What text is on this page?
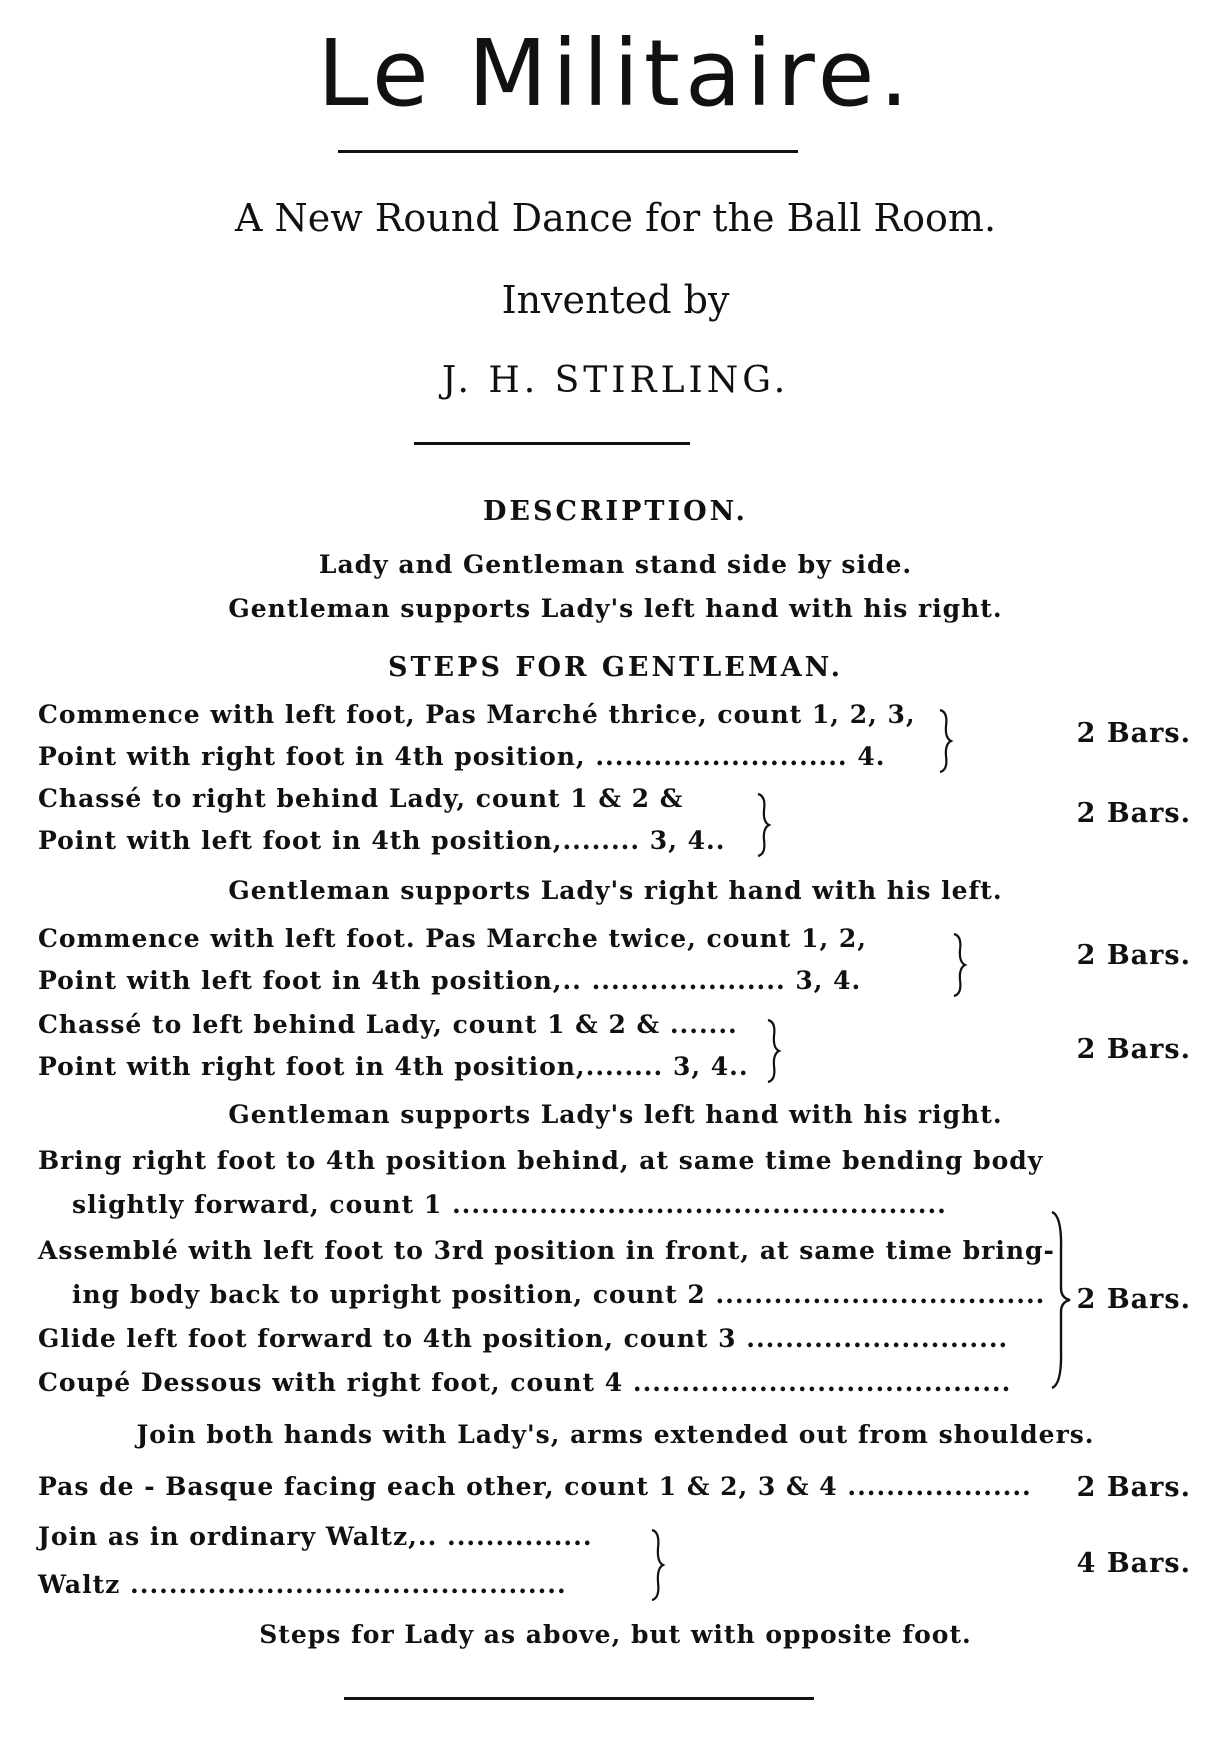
Le Militaire.
A New Round Dance for the Ball Room.
Invented by
J. H. STIRLING.
DESCRIPTION.
Lady and Gentleman stand side by side.
Gentleman supports Lady's left hand with his right.
STEPS FOR GENTLEMAN.
Commence with left foot, Pas Marché thrice, count 1, 2, 3,
Point with right foot in 4th position, .......................... 4.
2 Bars.
Chassé to right behind Lady, count 1 & 2 &
Point with left foot in 4th position,........ 3, 4..
2 Bars.
Gentleman supports Lady's right hand with his left.
Commence with left foot. Pas Marche twice, count 1, 2,
Point with left foot in 4th position,.. .................... 3, 4.
2 Bars.
Chassé to left behind Lady, count 1 & 2 & .......
Point with right foot in 4th position,........ 3, 4..
2 Bars.
Gentleman supports Lady's left hand with his right.
Bring right foot to 4th position behind, at same time bending body
slightly forward, count 1 ...................................................
Assemblé with left foot to 3rd position in front, at same time bring-
ing body back to upright position, count 2 ..................................
Glide left foot forward to 4th position, count 3 ...........................
Coupé Dessous with right foot, count 4 .......................................
2 Bars.
Join both hands with Lady's, arms extended out from shoulders.
Pas de - Basque facing each other, count 1 & 2, 3 & 4 ................... 2 Bars.
Join as in ordinary Waltz,.. ...............
Waltz .............................................
4 Bars.
Steps for Lady as above, but with opposite foot.
